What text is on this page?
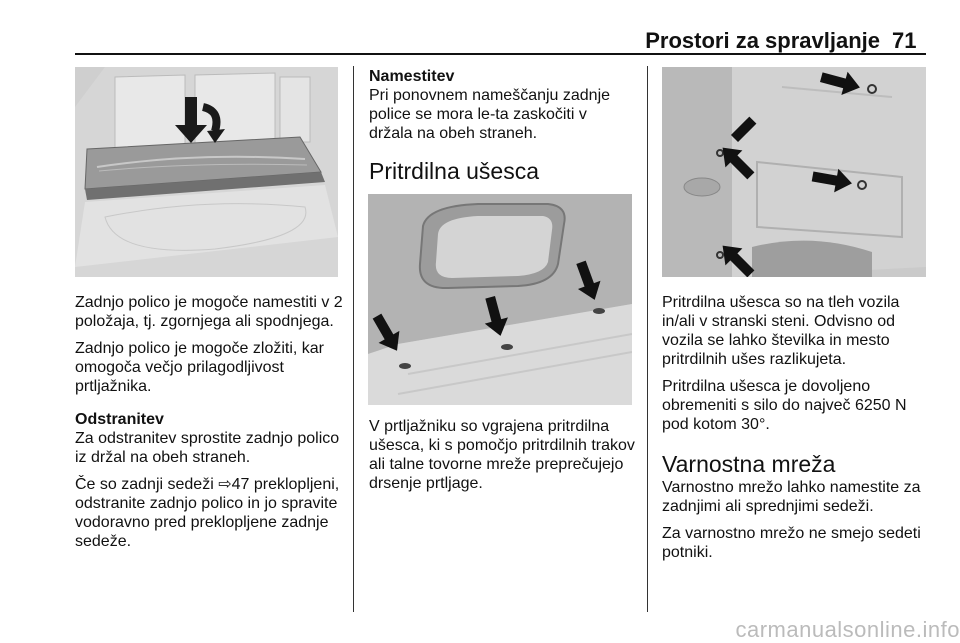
Prostori za spravljanje 71

Zadnjo polico je mogoče namestiti v 2 položaja, tj. zgornjega ali spodnjega.

Zadnjo polico je mogoče zložiti, kar omogoča večjo prilagodljivost prtljažnika.

Odstranitev

Za odstranitev sprostite zadnjo polico iz držal na obeh straneh.

Če so zadnji sedeži ⇨47 preklopljeni, odstranite zadnjo polico in jo spravite vodoravno pred preklopljene zadnje sedeže.

Namestitev

Pri ponovnem nameščanju zadnje police se mora le-ta zaskočiti v držala na obeh straneh.

Pritrdilna ušesca

V prtljažniku so vgrajena pritrdilna ušesca, ki s pomočjo pritrdilnih trakov ali talne tovorne mreže preprečujejo drsenje prtljage.

Pritrdilna ušesca so na tleh vozila in/ali v stranski steni. Odvisno od vozila se lahko številka in mesto pritrdilnih ušes razlikujeta.

Pritrdilna ušesca je dovoljeno obremeniti s silo do največ 6250 N pod kotom 30°.

Varnostna mreža

Varnostno mrežo lahko namestite za zadnjimi ali sprednjimi sedeži.

Za varnostno mrežo ne smejo sedeti potniki.

carmanualsonline.info
